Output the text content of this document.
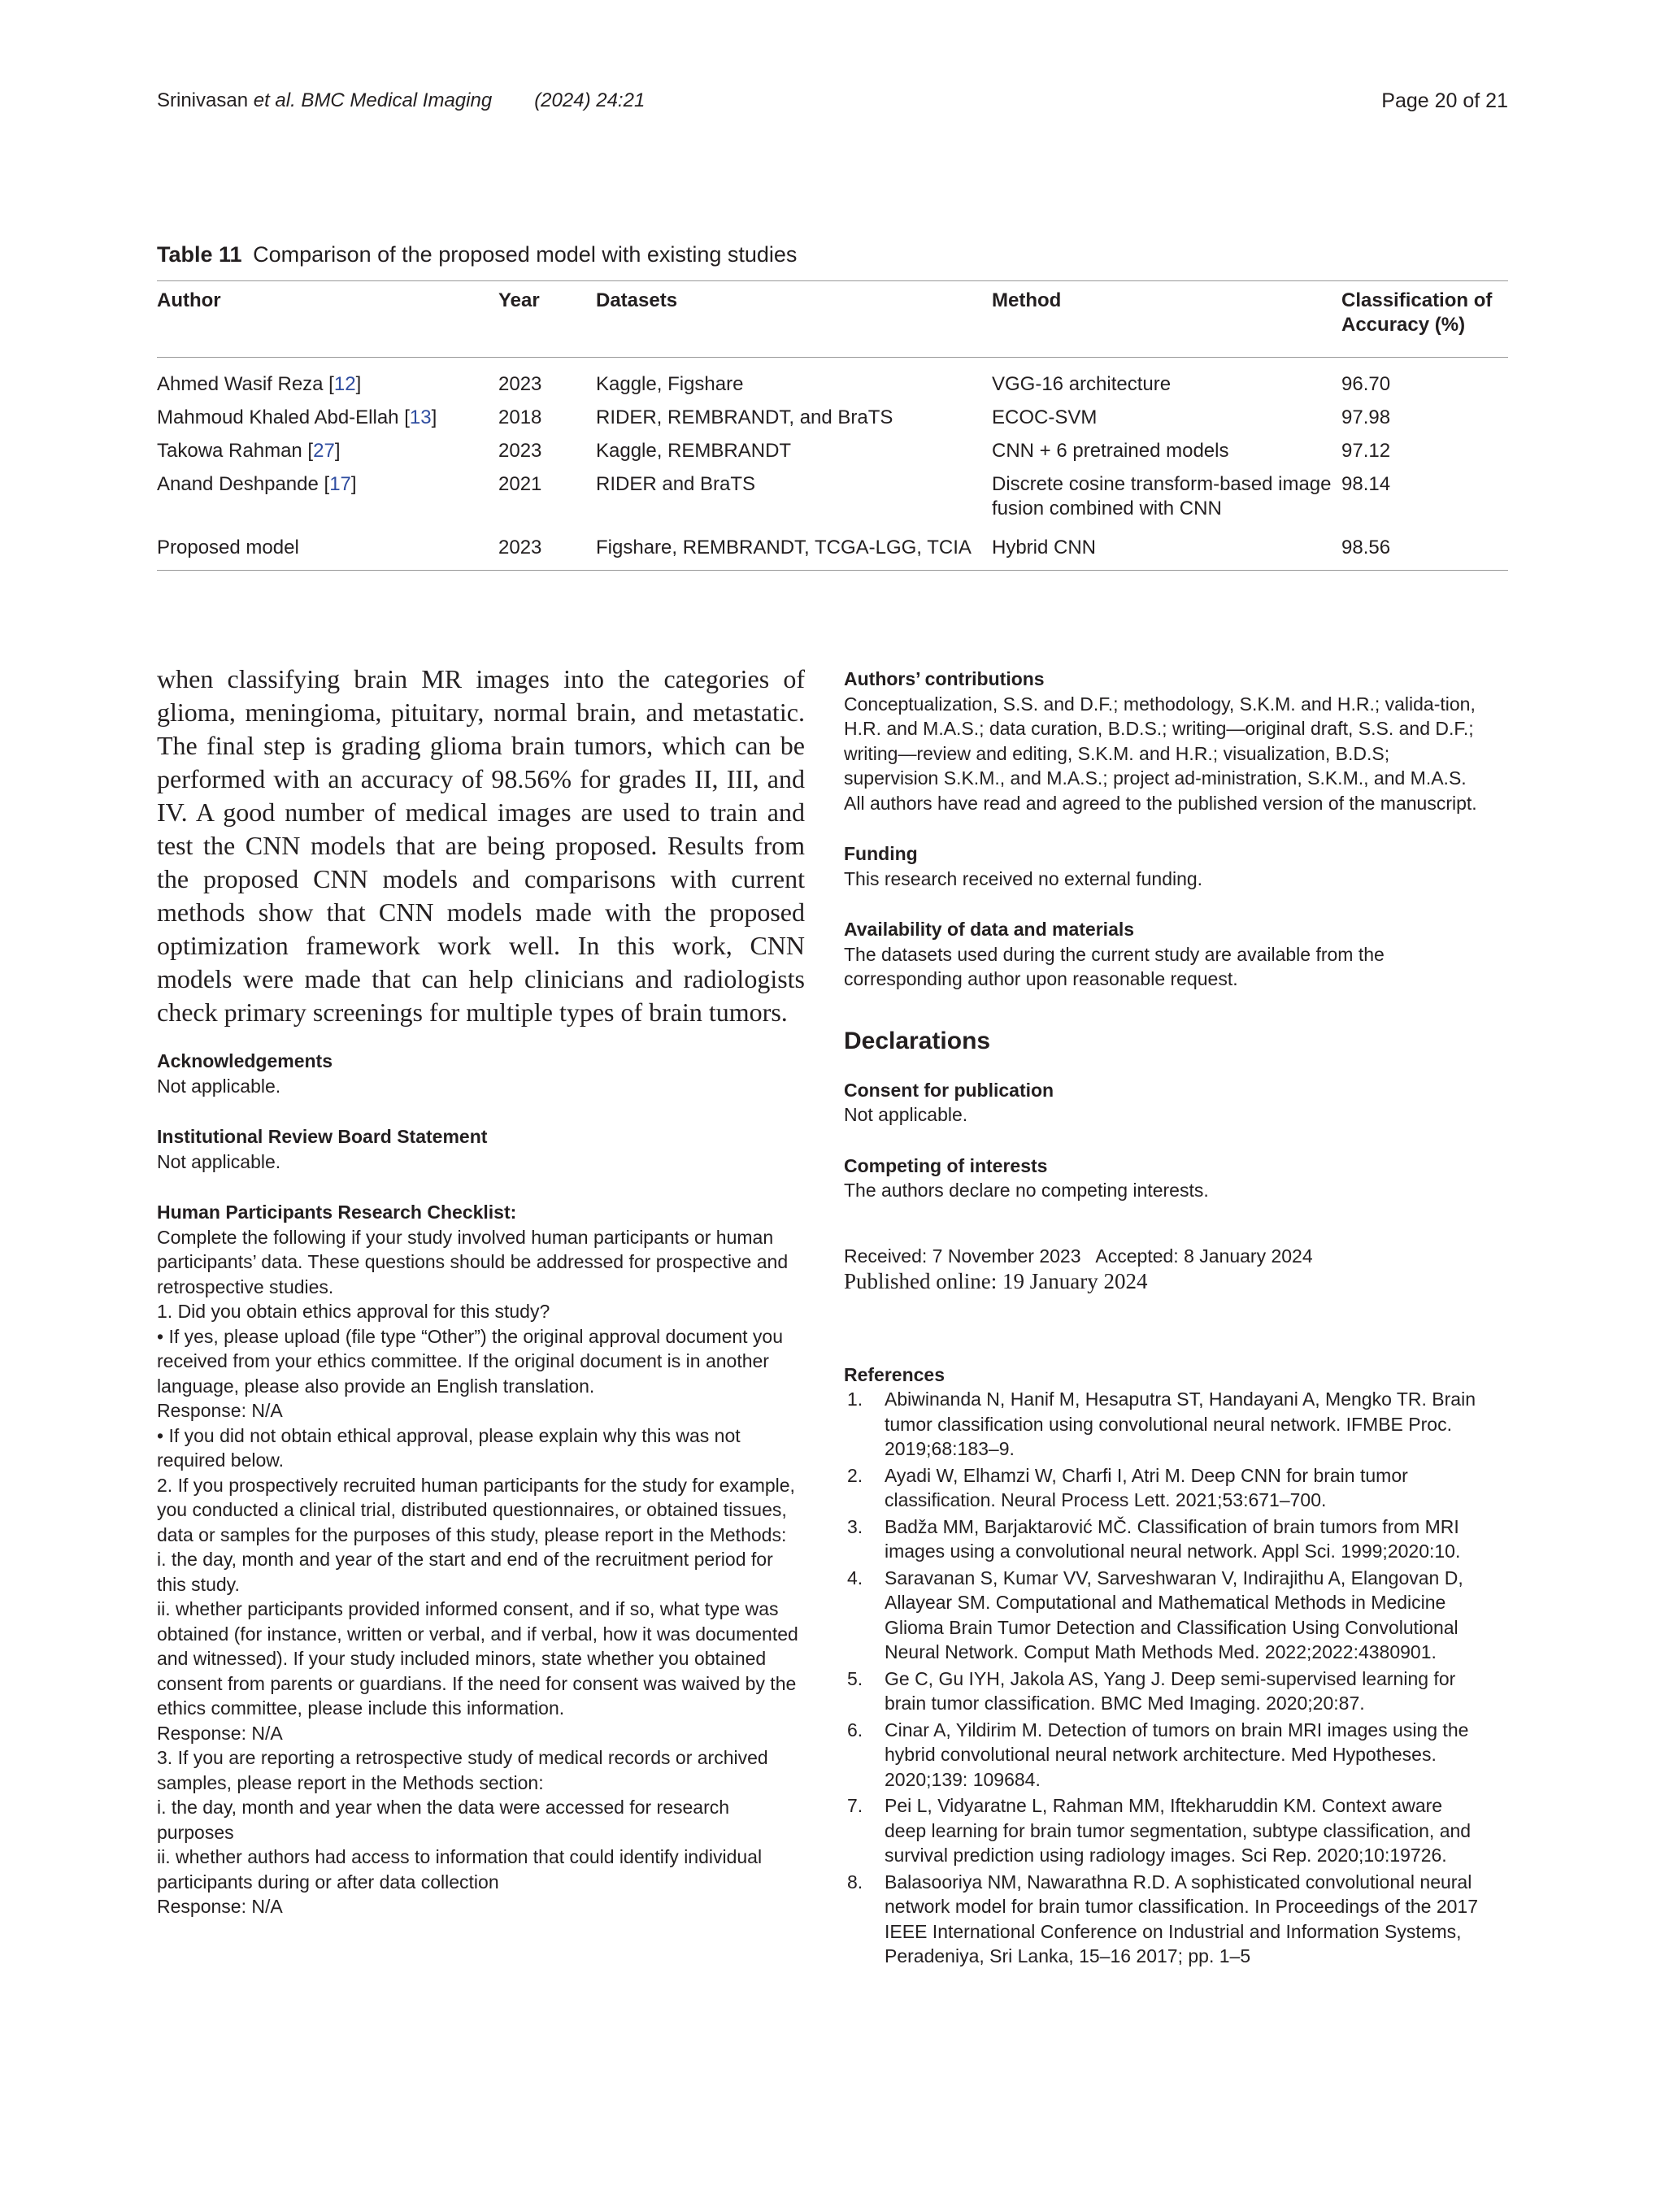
Srinivasan et al. BMC Medical Imaging (2024) 24:21	Page 20 of 21
Table 11 Comparison of the proposed model with existing studies
Author	Year	Datasets	Method	Classification of Accuracy (%)
Ahmed Wasif Reza [12]	2023	Kaggle, Figshare	VGG-16 architecture	96.70
Mahmoud Khaled Abd-Ellah [13]	2018	RIDER, REMBRANDT, and BraTS	ECOC-SVM	97.98
Takowa Rahman [27]	2023	Kaggle, REMBRANDT	CNN + 6 pretrained models	97.12
Anand Deshpande [17]	2021	RIDER and BraTS	Discrete cosine transform-based image fusion combined with CNN	98.14
Proposed model	2023	Figshare, REMBRANDT, TCGA-LGG, TCIA	Hybrid CNN	98.56

when classifying brain MR images into the categories of glioma, meningioma, pituitary, normal brain, and metastatic. The final step is grading glioma brain tumors, which can be performed with an accuracy of 98.56% for grades II, III, and IV. A good number of medical images are used to train and test the CNN models that are being proposed. Results from the proposed CNN models and comparisons with current methods show that CNN models made with the proposed optimization framework work well. In this work, CNN models were made that can help clinicians and radiologists check primary screenings for multiple types of brain tumors.

Acknowledgements

Not applicable.

Institutional Review Board Statement

Not applicable.

Human Participants Research Checklist:

Complete the following if your study involved human participants or human participants’ data. These questions should be addressed for prospective and retrospective studies.

1. Did you obtain ethics approval for this study?

• If yes, please upload (file type “Other”) the original approval document you received from your ethics committee. If the original document is in another language, please also provide an English translation.

Response: N/A

• If you did not obtain ethical approval, please explain why this was not required below.

2. If you prospectively recruited human participants for the study for example, you conducted a clinical trial, distributed questionnaires, or obtained tissues, data or samples for the purposes of this study, please report in the Methods:

i. the day, month and year of the start and end of the recruitment period for this study.

ii. whether participants provided informed consent, and if so, what type was obtained (for instance, written or verbal, and if verbal, how it was documented and witnessed). If your study included minors, state whether you obtained consent from parents or guardians. If the need for consent was waived by the ethics committee, please include this information.

Response: N/A

3. If you are reporting a retrospective study of medical records or archived samples, please report in the Methods section:

i. the day, month and year when the data were accessed for research purposes

ii. whether authors had access to information that could identify individual participants during or after data collection

Response: N/A

Authors’ contributions

Conceptualization, S.S. and D.F.; methodology, S.K.M. and H.R.; valida-tion, H.R. and M.A.S.; data curation, B.D.S.; writing—original draft, S.S. and D.F.; writing—review and editing, S.K.M. and H.R.; visualization, B.D.S; supervision S.K.M., and M.A.S.; project ad-ministration, S.K.M., and M.A.S. All authors have read and agreed to the published version of the manuscript.

Funding

This research received no external funding.

Availability of data and materials

The datasets used during the current study are available from the corresponding author upon reasonable request.

Declarations

Consent for publication

Not applicable.

Competing of interests

The authors declare no competing interests.

Received: 7 November 2023   Accepted: 8 January 2024

Published online: 19 January 2024

References

1. Abiwinanda N, Hanif M, Hesaputra ST, Handayani A, Mengko TR. Brain tumor classification using convolutional neural network. IFMBE Proc. 2019;68:183–9.
2. Ayadi W, Elhamzi W, Charfi I, Atri M. Deep CNN for brain tumor classification. Neural Process Lett. 2021;53:671–700.
3. Badža MM, Barjaktarović MČ. Classification of brain tumors from MRI images using a convolutional neural network. Appl Sci. 1999;2020:10.
4. Saravanan S, Kumar VV, Sarveshwaran V, Indirajithu A, Elangovan D, Allayear SM. Computational and Mathematical Methods in Medicine Glioma Brain Tumor Detection and Classification Using Convolutional Neural Network. Comput Math Methods Med. 2022;2022:4380901.
5. Ge C, Gu IYH, Jakola AS, Yang J. Deep semi-supervised learning for brain tumor classification. BMC Med Imaging. 2020;20:87.
6. Cinar A, Yildirim M. Detection of tumors on brain MRI images using the hybrid convolutional neural network architecture. Med Hypotheses. 2020;139: 109684.
7. Pei L, Vidyaratne L, Rahman MM, Iftekharuddin KM. Context aware deep learning for brain tumor segmentation, subtype classification, and survival prediction using radiology images. Sci Rep. 2020;10:19726.
8. Balasooriya NM, Nawarathna R.D. A sophisticated convolutional neural network model for brain tumor classification. In Proceedings of the 2017 IEEE International Conference on Industrial and Information Systems, Peradeniya, Sri Lanka, 15–16 2017; pp. 1–5
